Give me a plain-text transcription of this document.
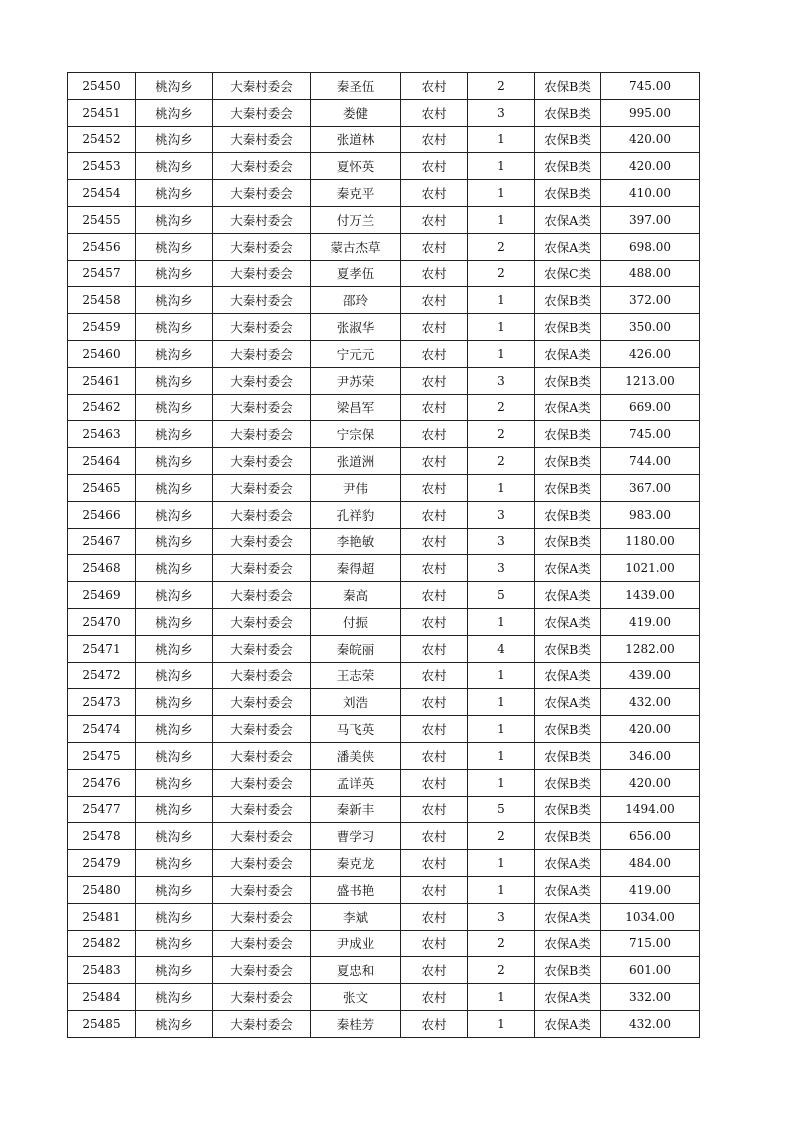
25450	桃沟乡	大秦村委会	秦圣伍	农村	2	农保B类	745.00
25451	桃沟乡	大秦村委会	娄健	农村	3	农保B类	995.00
25452	桃沟乡	大秦村委会	张道林	农村	1	农保B类	420.00
25453	桃沟乡	大秦村委会	夏怀英	农村	1	农保B类	420.00
25454	桃沟乡	大秦村委会	秦克平	农村	1	农保B类	410.00
25455	桃沟乡	大秦村委会	付万兰	农村	1	农保A类	397.00
25456	桃沟乡	大秦村委会	蒙古杰草	农村	2	农保A类	698.00
25457	桃沟乡	大秦村委会	夏孝伍	农村	2	农保C类	488.00
25458	桃沟乡	大秦村委会	邵玲	农村	1	农保B类	372.00
25459	桃沟乡	大秦村委会	张淑华	农村	1	农保B类	350.00
25460	桃沟乡	大秦村委会	宁元元	农村	1	农保A类	426.00
25461	桃沟乡	大秦村委会	尹苏荣	农村	3	农保B类	1213.00
25462	桃沟乡	大秦村委会	梁昌军	农村	2	农保A类	669.00
25463	桃沟乡	大秦村委会	宁宗保	农村	2	农保B类	745.00
25464	桃沟乡	大秦村委会	张道洲	农村	2	农保B类	744.00
25465	桃沟乡	大秦村委会	尹伟	农村	1	农保B类	367.00
25466	桃沟乡	大秦村委会	孔祥豹	农村	3	农保B类	983.00
25467	桃沟乡	大秦村委会	李艳敏	农村	3	农保B类	1180.00
25468	桃沟乡	大秦村委会	秦得超	农村	3	农保A类	1021.00
25469	桃沟乡	大秦村委会	秦高	农村	5	农保A类	1439.00
25470	桃沟乡	大秦村委会	付振	农村	1	农保A类	419.00
25471	桃沟乡	大秦村委会	秦皖丽	农村	4	农保B类	1282.00
25472	桃沟乡	大秦村委会	王志荣	农村	1	农保A类	439.00
25473	桃沟乡	大秦村委会	刘浩	农村	1	农保A类	432.00
25474	桃沟乡	大秦村委会	马飞英	农村	1	农保B类	420.00
25475	桃沟乡	大秦村委会	潘美侠	农村	1	农保B类	346.00
25476	桃沟乡	大秦村委会	孟详英	农村	1	农保B类	420.00
25477	桃沟乡	大秦村委会	秦新丰	农村	5	农保B类	1494.00
25478	桃沟乡	大秦村委会	曹学习	农村	2	农保B类	656.00
25479	桃沟乡	大秦村委会	秦克龙	农村	1	农保A类	484.00
25480	桃沟乡	大秦村委会	盛书艳	农村	1	农保A类	419.00
25481	桃沟乡	大秦村委会	李斌	农村	3	农保A类	1034.00
25482	桃沟乡	大秦村委会	尹成业	农村	2	农保A类	715.00
25483	桃沟乡	大秦村委会	夏忠和	农村	2	农保B类	601.00
25484	桃沟乡	大秦村委会	张文	农村	1	农保A类	332.00
25485	桃沟乡	大秦村委会	秦桂芳	农村	1	农保A类	432.00
